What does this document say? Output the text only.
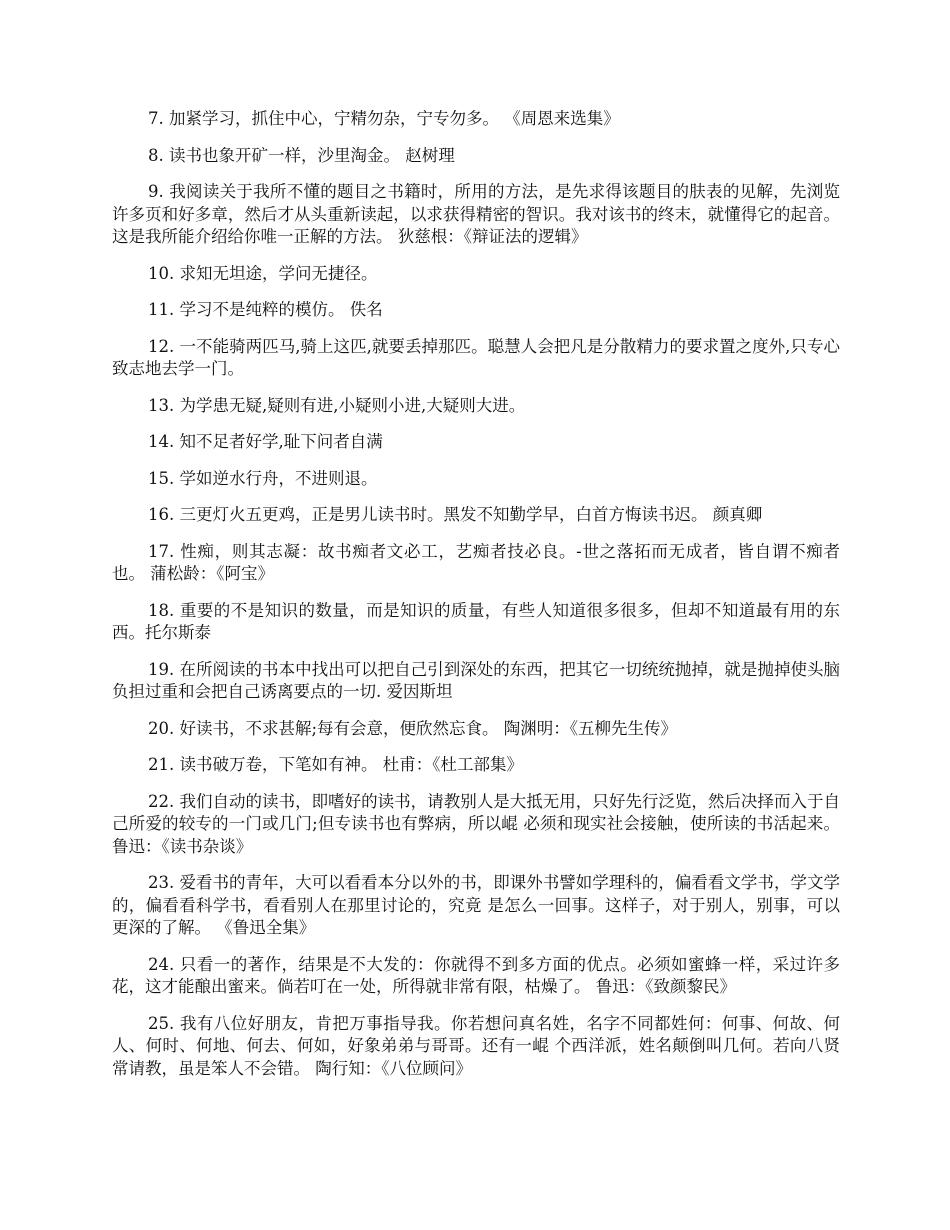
7. 加紧学习，抓住中心，宁精勿杂，宁专勿多。 《周恩来选集》

8. 读书也象开矿一样，沙里淘金。 赵树理

9. 我阅读关于我所不懂的题目之书籍时，所用的方法，是先求得该题目的肤表的见解，先浏览许多页和好多章，然后才从头重新读起，以求获得精密的智识。我对该书的终末，就懂得它的起音。这是我所能介绍给你唯一正解的方法。 狄慈根：《辩证法的逻辑》

10. 求知无坦途，学问无捷径。

11. 学习不是纯粹的模仿。 佚名

12. 一不能骑两匹马,骑上这匹,就要丢掉那匹。聪慧人会把凡是分散精力的要求置之度外,只专心致志地去学一门。

13. 为学患无疑,疑则有进,小疑则小进,大疑则大进。

14. 知不足者好学,耻下问者自满

15. 学如逆水行舟，不进则退。

16. 三更灯火五更鸡，正是男儿读书时。黑发不知勤学早，白首方悔读书迟。 颜真卿

17. 性痴，则其志凝：故书痴者文必工，艺痴者技必良。-世之落拓而无成者，皆自谓不痴者也。 蒲松龄：《阿宝》

18. 重要的不是知识的数量，而是知识的质量，有些人知道很多很多，但却不知道最有用的东西。托尔斯泰

19. 在所阅读的书本中找出可以把自己引到深处的东西，把其它一切统统抛掉，就是抛掉使头脑负担过重和会把自己诱离要点的一切. 爱因斯坦

20. 好读书，不求甚解;每有会意，便欣然忘食。 陶渊明：《五柳先生传》

21. 读书破万卷，下笔如有神。 杜甫：《杜工部集》

22. 我们自动的读书，即嗜好的读书，请教别人是大抵无用，只好先行泛览，然后决择而入于自己所爱的较专的一门或几门;但专读书也有弊病，所以崐 必须和现实社会接触，使所读的书活起来。 鲁迅：《读书杂谈》

23. 爱看书的青年，大可以看看本分以外的书，即课外书譬如学理科的，偏看看文学书，学文学的，偏看看科学书，看看别人在那里讨论的，究竟 是怎么一回事。这样子，对于别人，别事，可以更深的了解。 《鲁迅全集》

24. 只看一的著作，结果是不大发的：你就得不到多方面的优点。必须如蜜蜂一样，采过许多花，这才能酿出蜜来。倘若叮在一处，所得就非常有限，枯燥了。 鲁迅：《致颜黎民》

25. 我有八位好朋友，肯把万事指导我。你若想问真名姓，名字不同都姓何：何事、何故、何人、何时、何地、何去、何如，好象弟弟与哥哥。还有一崐 个西洋派，姓名颠倒叫几何。若向八贤常请教，虽是笨人不会错。 陶行知：《八位顾问》
